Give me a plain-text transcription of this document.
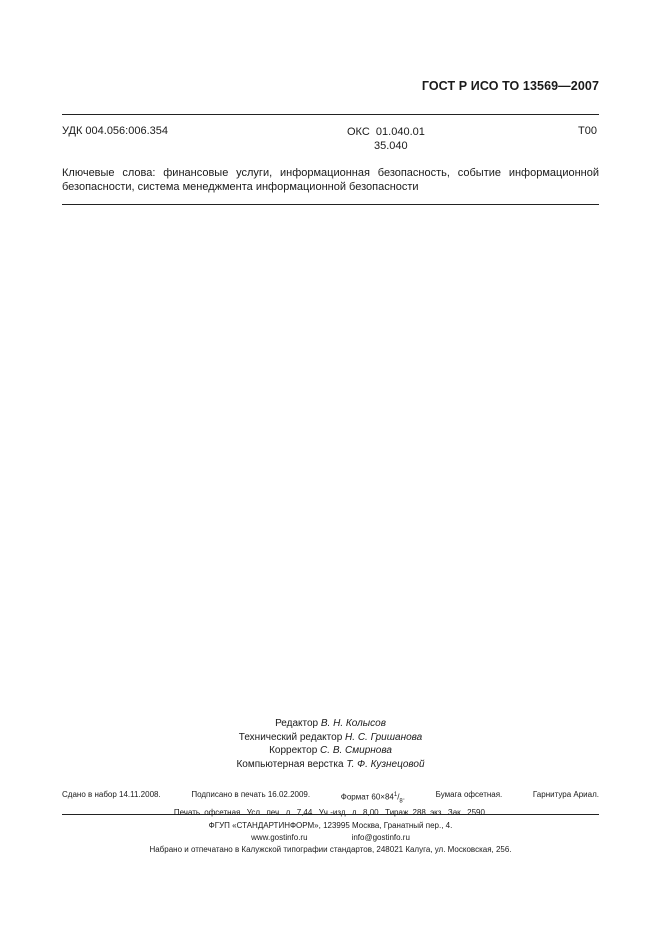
ГОСТ Р ИСО ТО 13569—2007
УДК 004.056:006.354	ОКС 01.040.01
35.040
Т00
Ключевые слова: финансовые услуги, информационная безопасность, событие информационной безопасности, система менеджмента информационной безопасности
Редактор В. Н. Колысов
Технический редактор Н. С. Гришанова
Корректор С. В. Смирнова
Компьютерная верстка Т. Ф. Кузнецовой
Сдано в набор 14.11.2008.	Подписано в печать 16.02.2009.	Формат $60\times 84^1/_8$.	Бумага офсетная.	Гарнитура Ариал.
Печать офсетная. Усл. печ. л. 7,44. Уч.-изд. л. 8,00. Тираж 288 экз. Зак. 2590.
ФГУП «СТАНДАРТИНФОРМ», 123995 Москва, Гранатный пер., 4.
www.gostinfo.ru	info@gostinfo.ru
Набрано и отпечатано в Калужской типографии стандартов, 248021 Калуга, ул. Московская, 256.
